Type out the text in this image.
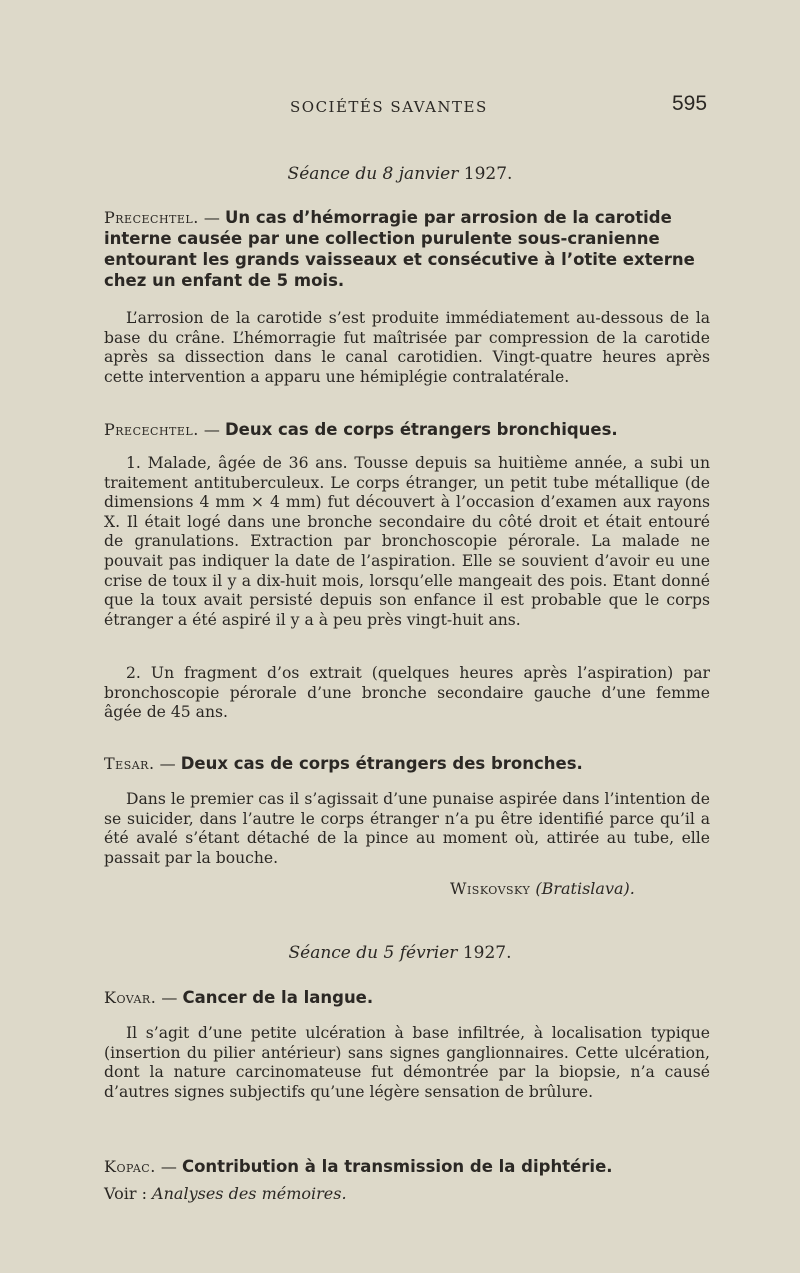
SOCIÉTÉS SAVANTES	595
Séance du 8 janvier 1927.
Precechtel. — Un cas d’hémorragie par arrosion de la carotide interne causée par une collection purulente sous-cranienne entourant les grands vaisseaux et consécutive à l’otite externe chez un enfant de 5 mois.

L’arrosion de la carotide s’est produite immédiatement au-dessous de la base du crâne. L’hémorragie fut maîtrisée par compression de la carotide après sa dissection dans le canal carotidien. Vingt-quatre heures après cette intervention a apparu une hémiplégie contralatérale.

Precechtel. — Deux cas de corps étrangers bronchiques.

1. Malade, âgée de 36 ans. Tousse depuis sa huitième année, a subi un traitement antituberculeux. Le corps étranger, un petit tube métallique (de dimensions 4 mm × 4 mm) fut découvert à l’occasion d’examen aux rayons X. Il était logé dans une bronche secondaire du côté droit et était entouré de granulations. Extraction par bronchoscopie pérorale. La malade ne pouvait pas indiquer la date de l’aspiration. Elle se souvient d’avoir eu une crise de toux il y a dix-huit mois, lorsqu’elle mangeait des pois. Etant donné que la toux avait persisté depuis son enfance il est probable que le corps étranger a été aspiré il y a à peu près vingt-huit ans.

2. Un fragment d’os extrait (quelques heures après l’aspiration) par bronchoscopie pérorale d’une bronche secondaire gauche d’une femme âgée de 45 ans.

Tesar. — Deux cas de corps étrangers des bronches.

Dans le premier cas il s’agissait d’une punaise aspirée dans l’intention de se suicider, dans l’autre le corps étranger n’a pu être identifié parce qu’il a été avalé s’étant détaché de la pince au moment où, attirée au tube, elle passait par la bouche.

Wiskovsky (Bratislava).
Séance du 5 février 1927.
Kovar. — Cancer de la langue.

Il s’agit d’une petite ulcération à base infiltrée, à localisation typique (insertion du pilier antérieur) sans signes ganglionnaires. Cette ulcération, dont la nature carcinomateuse fut démontrée par la biopsie, n’a causé d’autres signes subjectifs qu’une légère sensation de brûlure.

Kopac. — Contribution à la transmission de la diphtérie.
Voir : Analyses des mémoires.
